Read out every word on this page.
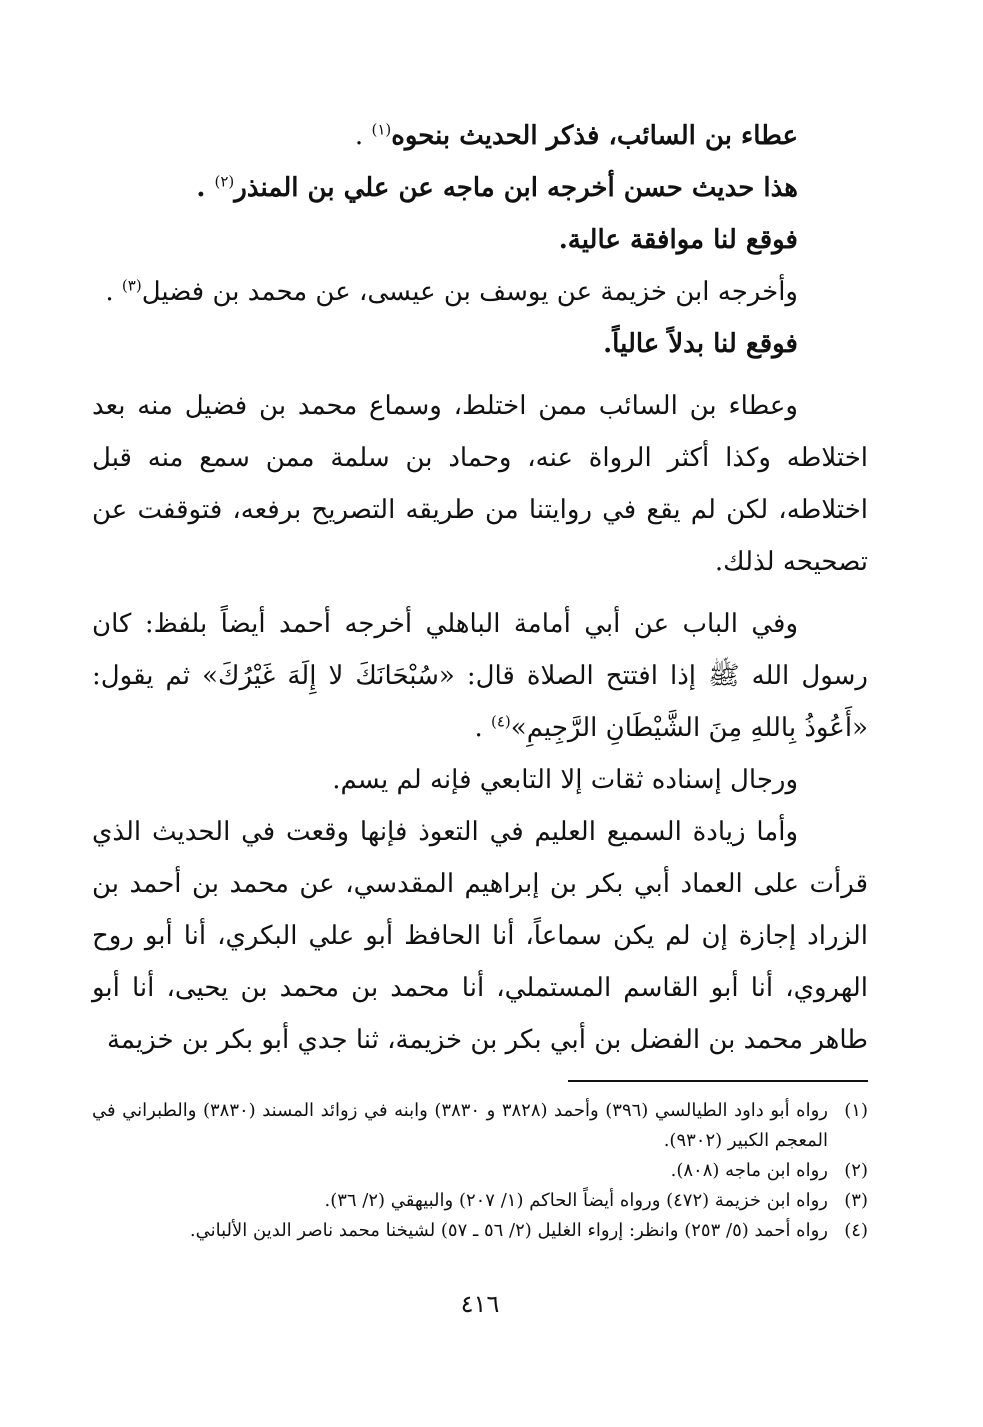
عطاء بن السائب، فذكر الحديث بنحوه$^{(١)}$ .

هذا حديث حسن أخرجه ابن ماجه عن علي بن المنذر$^{(٢)}$ .

فوقع لنا موافقة عالية.

وأخرجه ابن خزيمة عن يوسف بن عيسى، عن محمد بن فضيل$^{(٣)}$ .

فوقع لنا بدلاً عالياً.

وعطاء بن السائب ممن اختلط، وسماع محمد بن فضيل منه بعد اختلاطه وكذا أكثر الرواة عنه، وحماد بن سلمة ممن سمع منه قبل اختلاطه، لكن لم يقع في روايتنا من طريقه التصريح برفعه، فتوقفت عن تصحيحه لذلك.

وفي الباب عن أبي أمامة الباهلي أخرجه أحمد أيضاً بلفظ: كان رسول الله ﷺ إذا افتتح الصلاة قال: «سُبْحَانَكَ لا إِلَهَ غَيْرُكَ» ثم يقول: «أَعُوذُ بِاللهِ مِنَ الشَّيْطَانِ الرَّجِيمِ»$^{(٤)}$ .

ورجال إسناده ثقات إلا التابعي فإنه لم يسم.

وأما زيادة السميع العليم في التعوذ فإنها وقعت في الحديث الذي قرأت على العماد أبي بكر بن إبراهيم المقدسي، عن محمد بن أحمد بن الزراد إجازة إن لم يكن سماعاً، أنا الحافظ أبو علي البكري، أنا أبو روح الهروي، أنا أبو القاسم المستملي، أنا محمد بن محمد بن يحيى، أنا أبو طاهر محمد بن الفضل بن أبي بكر بن خزيمة، ثنا جدي أبو بكر بن خزيمة

(١)
رواه أبو داود الطيالسي (٣٩٦) وأحمد (٣٨٢٨ و ٣٨٣٠) وابنه في زوائد المسند (٣٨٣٠) والطبراني في المعجم الكبير (٩٣٠٢).
(٢)
رواه ابن ماجه (٨٠٨).
(٣)
رواه ابن خزيمة (٤٧٢) ورواه أيضاً الحاكم (١/ ٢٠٧) والبيهقي (٢/ ٣٦).
(٤)
رواه أحمد (٥/ ٢٥٣) وانظر: إرواء الغليل (٢/ ٥٦ ـ ٥٧) لشيخنا محمد ناصر الدين الألباني.
٤١٦
